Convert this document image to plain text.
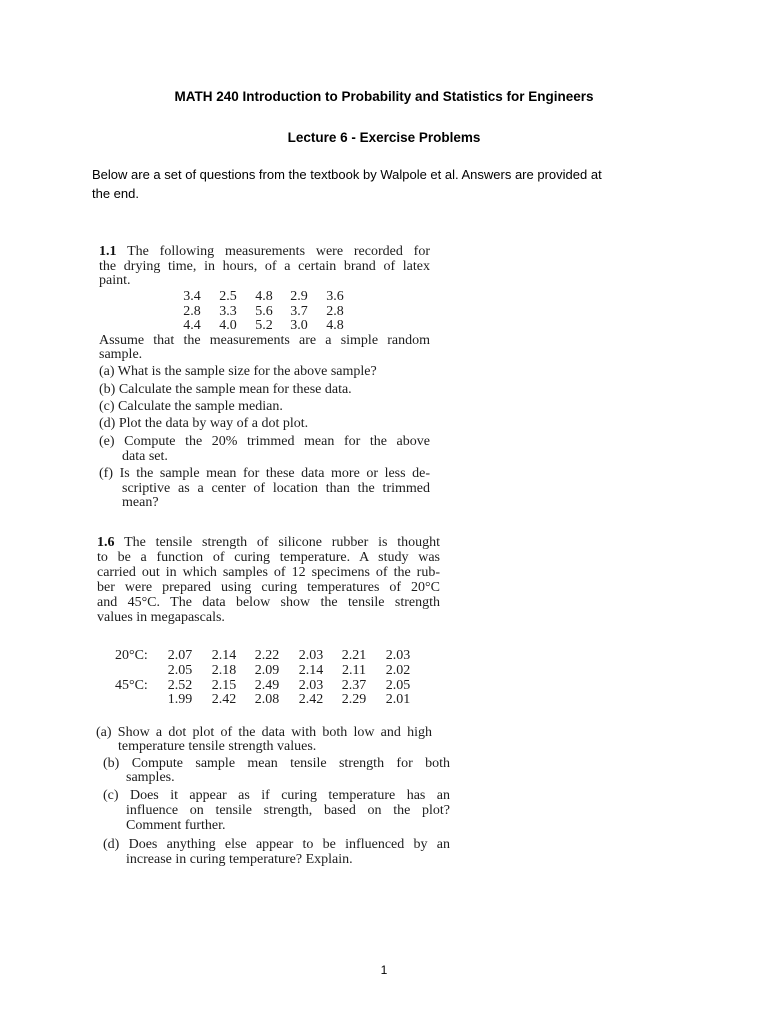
MATH 240 Introduction to Probability and Statistics for Engineers
Lecture 6 - Exercise Problems
Below are a set of questions from the textbook by Walpole et al. Answers are provided at
the end.
1.1 The following measurements were recorded for
the drying time, in hours, of a certain brand of latex
paint.
3.4	2.5	4.8	2.9	3.6
2.8	3.3	5.6	3.7	2.8
4.4	4.0	5.2	3.0	4.8
Assume that the measurements are a simple random
sample.
(a) What is the sample size for the above sample?
(b) Calculate the sample mean for these data.
(c) Calculate the sample median.
(d) Plot the data by way of a dot plot.
(e) Compute the 20% trimmed mean for the above
data set.
(f) Is the sample mean for these data more or less de-
scriptive as a center of location than the trimmed
mean?
1.6 The tensile strength of silicone rubber is thought
to be a function of curing temperature. A study was
carried out in which samples of 12 specimens of the rub-
ber were prepared using curing temperatures of 20°C
and 45°C. The data below show the tensile strength
values in megapascals.
20°C:	2.07	2.14	2.22	2.03	2.21	2.03
2.05	2.18	2.09	2.14	2.11	2.02
45°C:	2.52	2.15	2.49	2.03	2.37	2.05
1.99	2.42	2.08	2.42	2.29	2.01
(a) Show a dot plot of the data with both low and high
temperature tensile strength values.
(b) Compute sample mean tensile strength for both
samples.
(c) Does it appear as if curing temperature has an
influence on tensile strength, based on the plot?
Comment further.
(d) Does anything else appear to be influenced by an
increase in curing temperature? Explain.
1
